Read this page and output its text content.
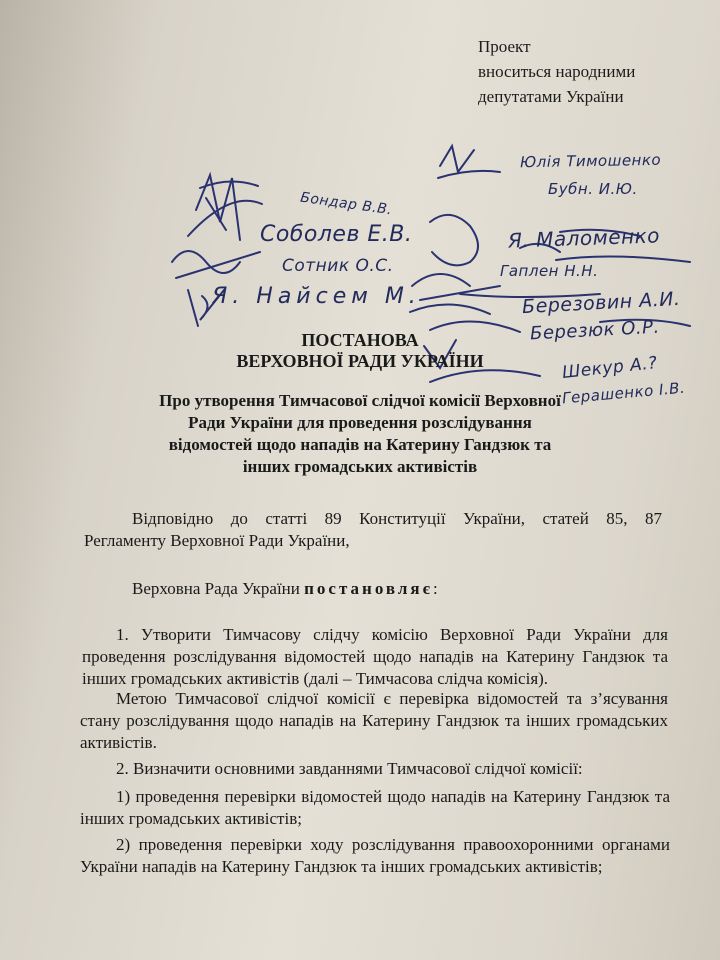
Проект
вноситься народними
депутатами України
Юлія Тимошенко
Бубн. И.Ю.
Бондар В.В.
Соболев Е.В.	Я. Маломенко
Сотник О.С.	Гаплен Н.Н.
Я. Найсем М.	Березовин А.И.
Березюк О.Р.
Шекур А.?
Герашенко І.В.
ПОСТАНОВА
ВЕРХОВНОЇ РАДИ УКРАЇНИ
Про утворення Тимчасової слідчої комісії Верховної
Ради України для проведення розслідування
відомостей щодо нападів на Катерину Гандзюк та
інших громадських активістів
Відповідно до статті 89 Конституції України, статей 85, 87
Регламенту Верховної Ради України,
Верховна Рада України постановляє:
1. Утворити Тимчасову слідчу комісію Верховної Ради України для проведення розслідування відомостей щодо нападів на Катерину Гандзюк та інших громадських активістів (далі – Тимчасова слідча комісія).
Метою Тимчасової слідчої комісії є перевірка відомостей та з’ясування стану розслідування щодо нападів на Катерину Гандзюк та інших громадських активістів.
2. Визначити основними завданнями Тимчасової слідчої комісії:
1) проведення перевірки відомостей щодо нападів на Катерину Гандзюк та інших громадських активістів;
2) проведення перевірки ходу розслідування правоохоронними органами України нападів на Катерину Гандзюк та інших громадських активістів;
